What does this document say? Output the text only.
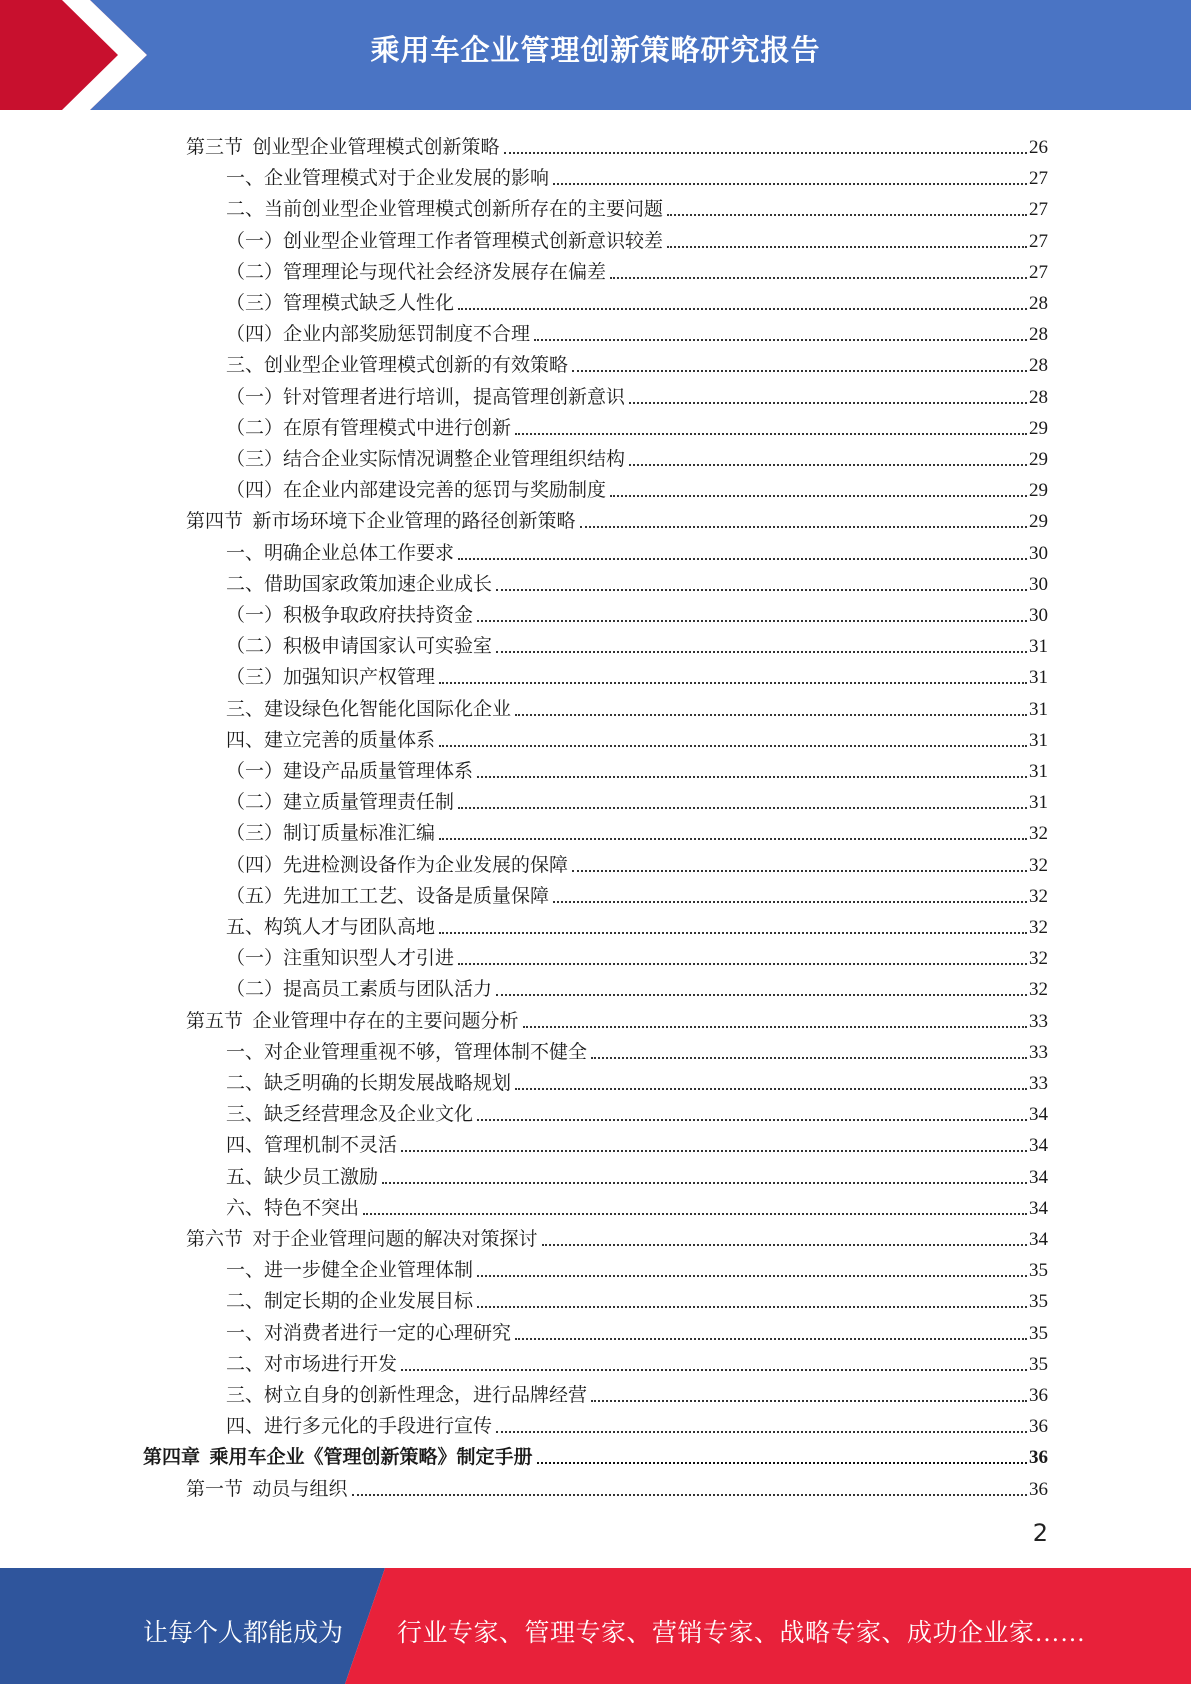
乘用车企业管理创新策略研究报告
第三节  创业型企业管理模式创新策略	26
一、企业管理模式对于企业发展的影响	27
二、当前创业型企业管理模式创新所存在的主要问题	27
（一）创业型企业管理工作者管理模式创新意识较差	27
（二）管理理论与现代社会经济发展存在偏差	27
（三）管理模式缺乏人性化	28
（四）企业内部奖励惩罚制度不合理	28
三、创业型企业管理模式创新的有效策略	28
（一）针对管理者进行培训，提高管理创新意识	28
（二）在原有管理模式中进行创新	29
（三）结合企业实际情况调整企业管理组织结构	29
（四）在企业内部建设完善的惩罚与奖励制度	29
第四节  新市场环境下企业管理的路径创新策略	29
一、明确企业总体工作要求	30
二、借助国家政策加速企业成长	30
（一）积极争取政府扶持资金	30
（二）积极申请国家认可实验室	31
（三）加强知识产权管理	31
三、建设绿色化智能化国际化企业	31
四、建立完善的质量体系	31
（一）建设产品质量管理体系	31
（二）建立质量管理责任制	31
（三）制订质量标准汇编	32
（四）先进检测设备作为企业发展的保障	32
（五）先进加工工艺、设备是质量保障	32
五、构筑人才与团队高地	32
（一）注重知识型人才引进	32
（二）提高员工素质与团队活力	32
第五节  企业管理中存在的主要问题分析	33
一、对企业管理重视不够，管理体制不健全	33
二、缺乏明确的长期发展战略规划	33
三、缺乏经营理念及企业文化	34
四、管理机制不灵活	34
五、缺少员工激励	34
六、特色不突出	34
第六节  对于企业管理问题的解决对策探讨	34
一、进一步健全企业管理体制	35
二、制定长期的企业发展目标	35
一、对消费者进行一定的心理研究	35
二、对市场进行开发	35
三、树立自身的创新性理念，进行品牌经营	36
四、进行多元化的手段进行宣传	36
第四章  乘用车企业《管理创新策略》制定手册	36
第一节  动员与组织	36
2
让每个人都能成为 行业专家、管理专家、营销专家、战略专家、成功企业家……
